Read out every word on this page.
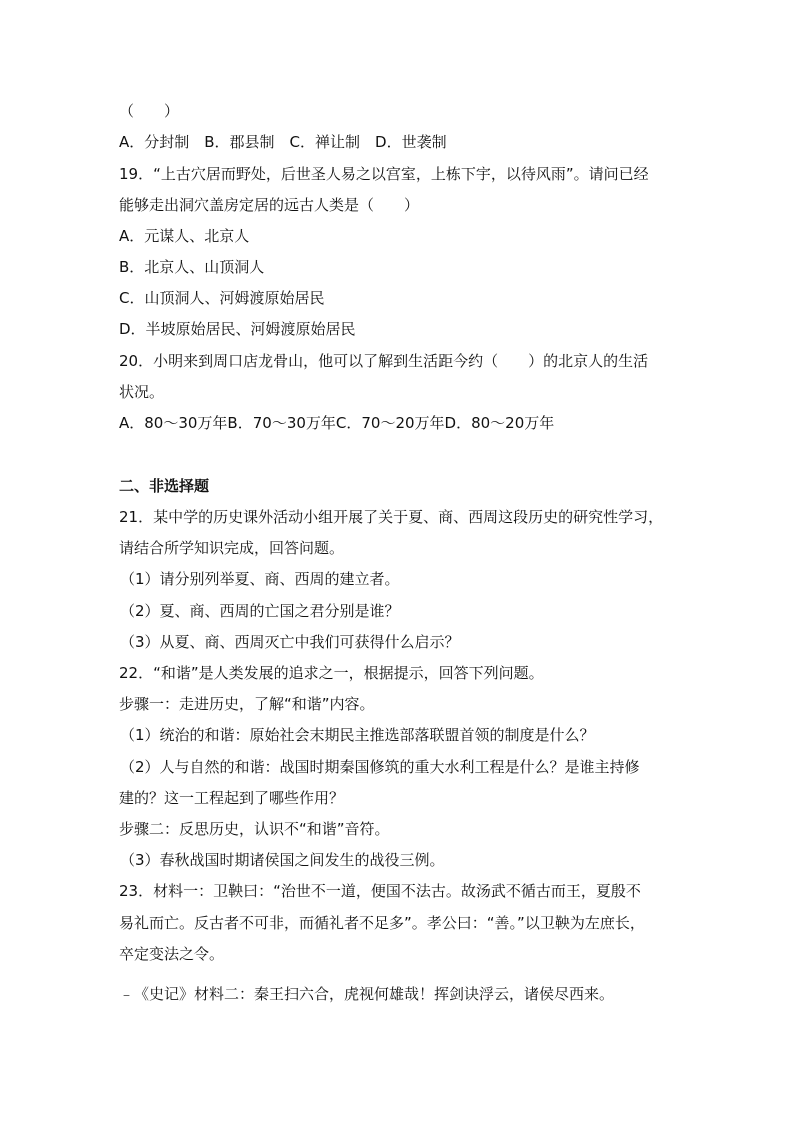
（　　）
A．分封制　B．郡县制　C．禅让制　D．世袭制
19．“上古穴居而野处，后世圣人易之以宫室，上栋下宇，以待风雨”。请问已经
能够走出洞穴盖房定居的远古人类是（　　）
A．元谋人、北京人
B．北京人、山顶洞人
C．山顶洞人、河姆渡原始居民
D．半坡原始居民、河姆渡原始居民
20．小明来到周口店龙骨山，他可以了解到生活距今约（　　）的北京人的生活
状况。
A．80～30万年B．70～30万年C．70～20万年D．80～20万年
二、非选择题
21．某中学的历史课外活动小组开展了关于夏、商、西周这段历史的研究性学习，
请结合所学知识完成，回答问题。
（1）请分别列举夏、商、西周的建立者。
（2）夏、商、西周的亡国之君分别是谁？
（3）从夏、商、西周灭亡中我们可获得什么启示？
22．“和谐”是人类发展的追求之一，根据提示，回答下列问题。
步骤一：走进历史，了解“和谐”内容。
（1）统治的和谐：原始社会末期民主推选部落联盟首领的制度是什么？
（2）人与自然的和谐：战国时期秦国修筑的重大水利工程是什么？是谁主持修
建的？这一工程起到了哪些作用？
步骤二：反思历史，认识不“和谐”音符。
（3）春秋战国时期诸侯国之间发生的战役三例。
23．材料一：卫鞅曰：“治世不一道，便国不法古。故汤武不循古而王，夏殷不
易礼而亡。反古者不可非，而循礼者不足多”。孝公曰：“善。”以卫鞅为左庶长，
卒定变法之令。
﹣《史记》材料二：秦王扫六合，虎视何雄哉！挥剑诀浮云，诸侯尽西来。
